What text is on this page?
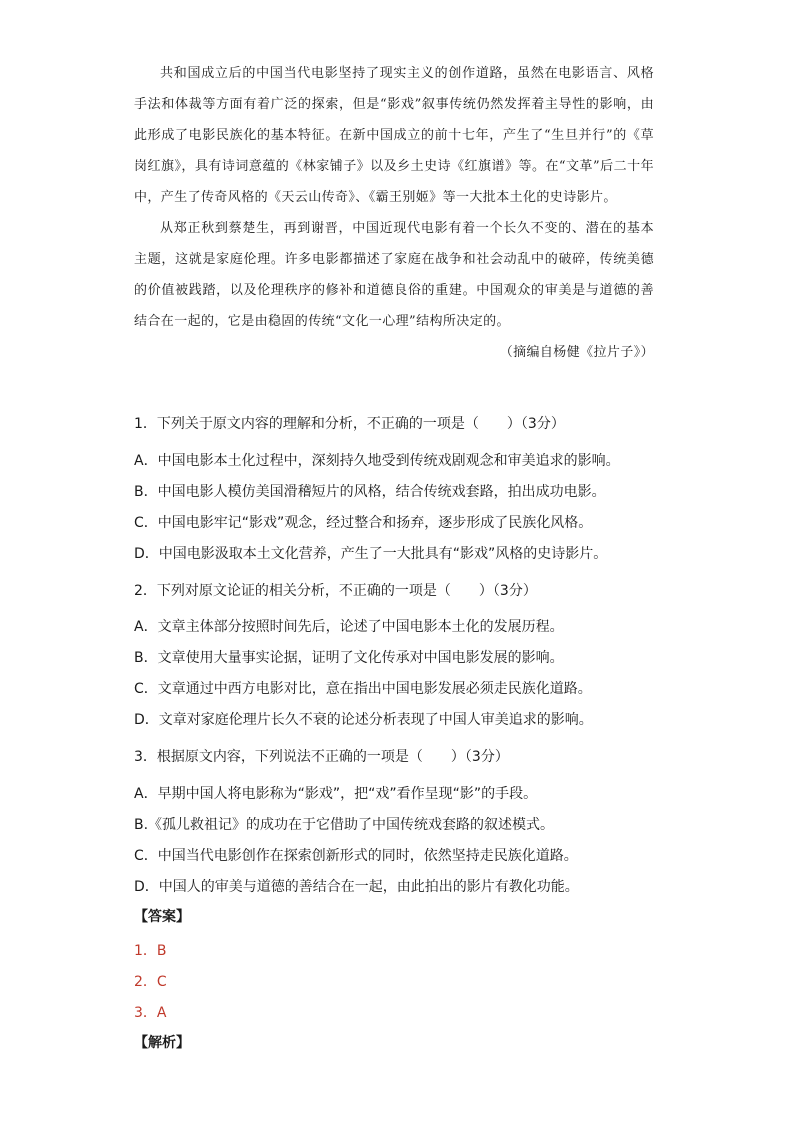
共和国成立后的中国当代电影坚持了现实主义的创作道路，虽然在电影语言、风格手法和体裁等方面有着广泛的探索，但是“影戏”叙事传统仍然发挥着主导性的影响，由此形成了电影民族化的基本特征。在新中国成立的前十七年，产生了“生旦并行”的《草岗红旗》，具有诗词意蕴的《林家铺子》以及乡土史诗《红旗谱》等。在“文革”后二十年中，产生了传奇风格的《天云山传奇》、《霸王别姬》等一大批本土化的史诗影片。

从郑正秋到蔡楚生，再到谢晋，中国近现代电影有着一个长久不变的、潜在的基本主题，这就是家庭伦理。许多电影都描述了家庭在战争和社会动乱中的破碎，传统美德的价值被践踏，以及伦理秩序的修补和道德良俗的重建。中国观众的审美是与道德的善结合在一起的，它是由稳固的传统“文化一心理”结构所决定的。

（摘编自杨健《拉片子》）

1．下列关于原文内容的理解和分析，不正确的一项是（　　）（3分）
A．中国电影本土化过程中，深刻持久地受到传统戏剧观念和审美追求的影响。
B．中国电影人模仿美国滑稽短片的风格，结合传统戏套路，拍出成功电影。
C．中国电影牢记“影戏”观念，经过整合和扬弃，逐步形成了民族化风格。
D．中国电影汲取本土文化营养，产生了一大批具有“影戏”风格的史诗影片。
2．下列对原文论证的相关分析，不正确的一项是（　　）（3分）
A．文章主体部分按照时间先后，论述了中国电影本土化的发展历程。
B．文章使用大量事实论据，证明了文化传承对中国电影发展的影响。
C．文章通过中西方电影对比，意在指出中国电影发展必须走民族化道路。
D．文章对家庭伦理片长久不衰的论述分析表现了中国人审美追求的影响。
3．根据原文内容，下列说法不正确的一项是（　　）（3分）
A．早期中国人将电影称为“影戏”，把“戏”看作呈现“影”的手段。
B.《孤儿救祖记》的成功在于它借助了中国传统戏套路的叙述模式。
C．中国当代电影创作在探索创新形式的同时，依然坚持走民族化道路。
D．中国人的审美与道德的善结合在一起，由此拍出的影片有教化功能。
【答案】
1．B
2．C
3．A
【解析】
